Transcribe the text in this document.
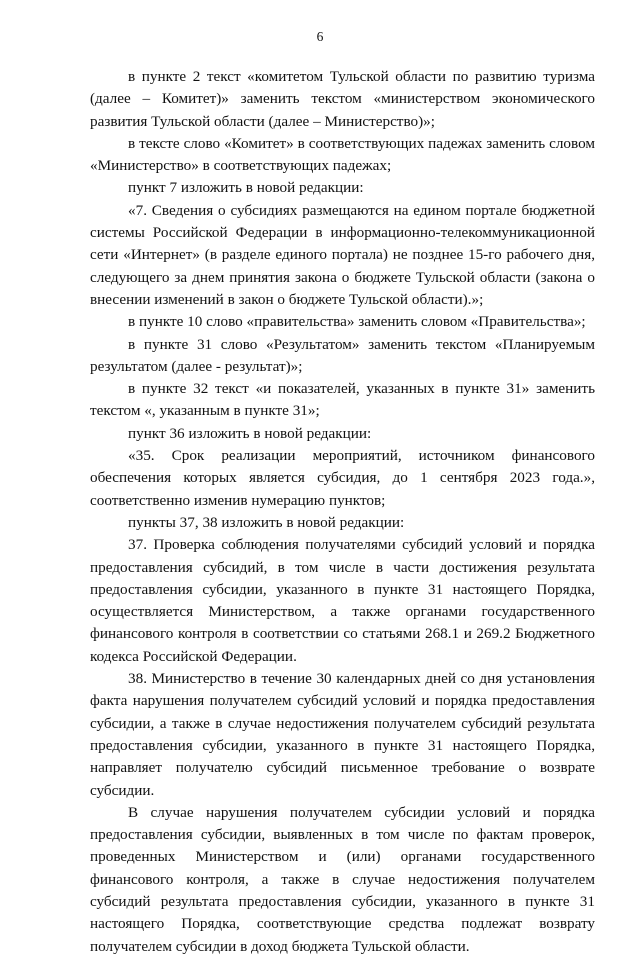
6

в пункте 2 текст «комитетом Тульской области по развитию туризма (далее – Комитет)» заменить текстом «министерством экономического развития Тульской области (далее – Министерство)»;

в тексте слово «Комитет» в соответствующих падежах заменить словом «Министерство» в соответствующих падежах;

пункт 7 изложить в новой редакции:

«7. Сведения о субсидиях размещаются на едином портале бюджетной системы Российской Федерации в информационно-телекоммуникационной сети «Интернет» (в разделе единого портала) не позднее 15-го рабочего дня, следующего за днем принятия закона о бюджете Тульской области (закона о внесении изменений в закон о бюджете Тульской области).»;

в пункте 10 слово «правительства» заменить словом «Правительства»;

в пункте 31 слово «Результатом» заменить текстом «Планируемым результатом (далее - результат)»;

в пункте 32 текст «и показателей, указанных в пункте 31» заменить текстом «, указанным в пункте 31»;

пункт 36 изложить в новой редакции:

«35. Срок реализации мероприятий, источником финансового обеспечения которых является субсидия, до 1 сентября 2023 года.», соответственно изменив нумерацию пунктов;

пункты 37, 38 изложить в новой редакции:

37. Проверка соблюдения получателями субсидий условий и порядка предоставления субсидий, в том числе в части достижения результата предоставления субсидии, указанного в пункте 31 настоящего Порядка, осуществляется Министерством, а также органами государственного финансового контроля в соответствии со статьями 268.1 и 269.2 Бюджетного кодекса Российской Федерации.

38. Министерство в течение 30 календарных дней со дня установления факта нарушения получателем субсидий условий и порядка предоставления субсидии, а также в случае недостижения получателем субсидий результата предоставления субсидии, указанного в пункте 31 настоящего Порядка, направляет получателю субсидий письменное требование о возврате субсидии.

В случае нарушения получателем субсидии условий и порядка предоставления субсидии, выявленных в том числе по фактам проверок, проведенных Министерством и (или) органами государственного финансового контроля, а также в случае недостижения получателем субсидий результата предоставления субсидии, указанного в пункте 31 настоящего Порядка, соответствующие средства подлежат возврату получателем субсидии в доход бюджета Тульской области.
